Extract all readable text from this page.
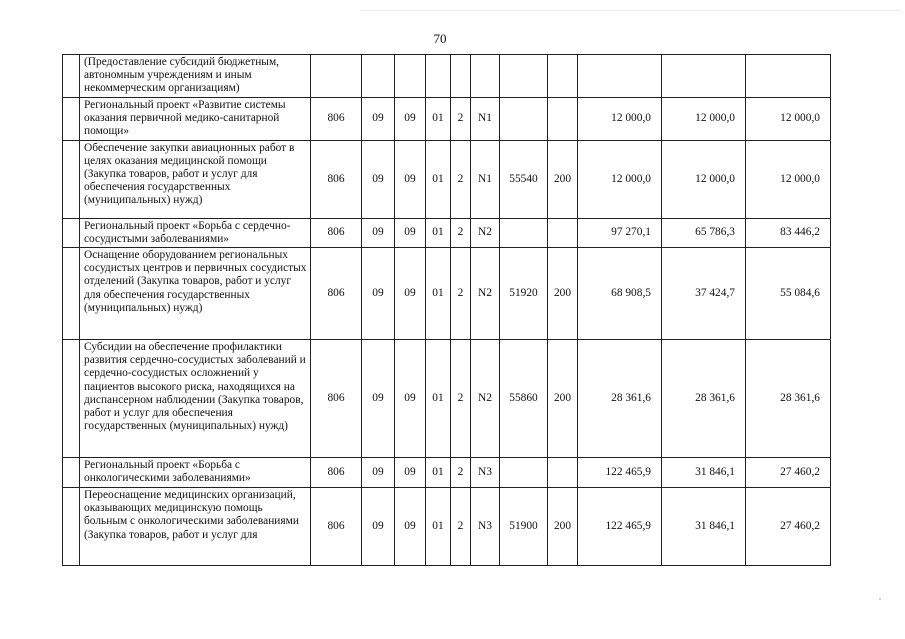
70
	(Предоставление субсидий бюджетным, автономным учреждениям и иным некоммерческим организациям)											
	Региональный проект «Развитие системы оказания первичной медико-санитарной помощи»	806	09	09	01	2	N1			12 000,0	12 000,0	12 000,0
	Обеспечение закупки авиационных работ в целях оказания медицинской помощи (Закупка товаров, работ и услуг для обеспечения государственных (муниципальных) нужд)	806	09	09	01	2	N1	55540	200	12 000,0	12 000,0	12 000,0
	Региональный проект «Борьба с сердечно-сосудистыми заболеваниями»	806	09	09	01	2	N2			97 270,1	65 786,3	83 446,2
	Оснащение оборудованием региональных сосудистых центров и первичных сосудистых отделений (Закупка товаров, работ и услуг для обеспечения государственных (муниципальных) нужд)	806	09	09	01	2	N2	51920	200	68 908,5	37 424,7	55 084,6
	Субсидии на обеспечение профилактики развития сердечно-сосудистых заболеваний и сердечно-сосудистых осложнений у пациентов высокого риска, находящихся на диспансерном наблюдении (Закупка товаров, работ и услуг для обеспечения государственных (муниципальных) нужд)	806	09	09	01	2	N2	55860	200	28 361,6	28 361,6	28 361,6
	Региональный проект «Борьба с онкологическими заболеваниями»	806	09	09	01	2	N3			122 465,9	31 846,1	27 460,2
	Переоснащение медицинских организаций, оказывающих медицинскую помощь больным с онкологическими заболеваниями (Закупка товаров, работ и услуг для	806	09	09	01	2	N3	51900	200	122 465,9	31 846,1	27 460,2
